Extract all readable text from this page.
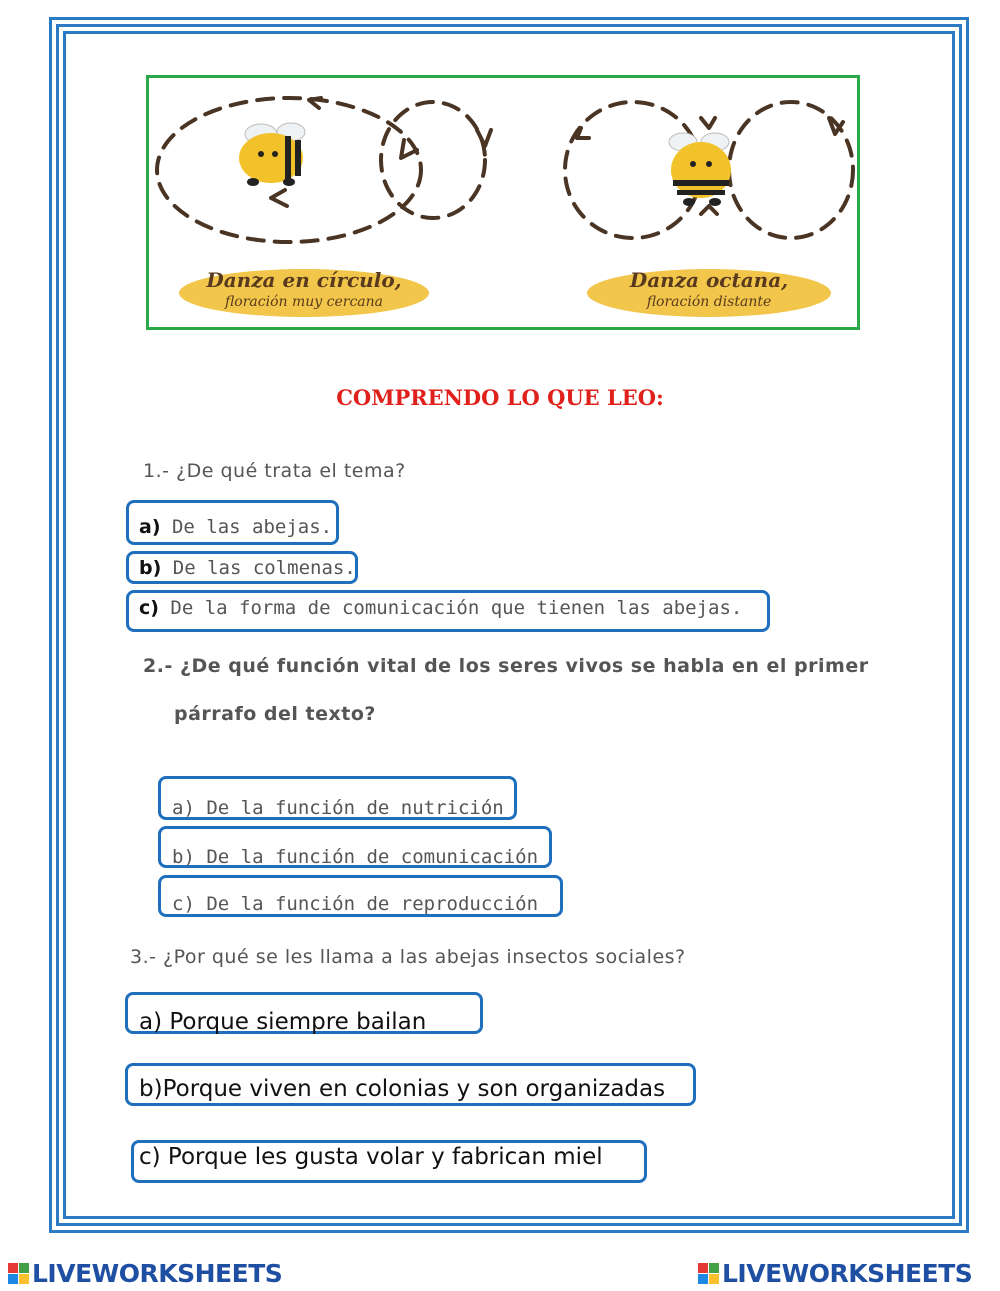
Danza en círculo,
floración muy cercana
Danza octana,
floración distante
COMPRENDO LO QUE LEO:
1.- ¿De qué trata el tema?
a) De las abejas.
b) De las colmenas.
c) De la forma de comunicación que tienen las abejas.
2.- ¿De qué función vital de los seres vivos se habla en el primer
párrafo del texto?
a) De la función de nutrición
b) De la función de comunicación
c) De la función de reproducción
3.- ¿Por qué se les llama a las abejas insectos sociales?
a) Porque siempre bailan
b)Porque viven en colonias y son organizadas
c) Porque les gusta volar y fabrican miel
LIVEWORKSHEETS	LIVEWORKSHEETS
